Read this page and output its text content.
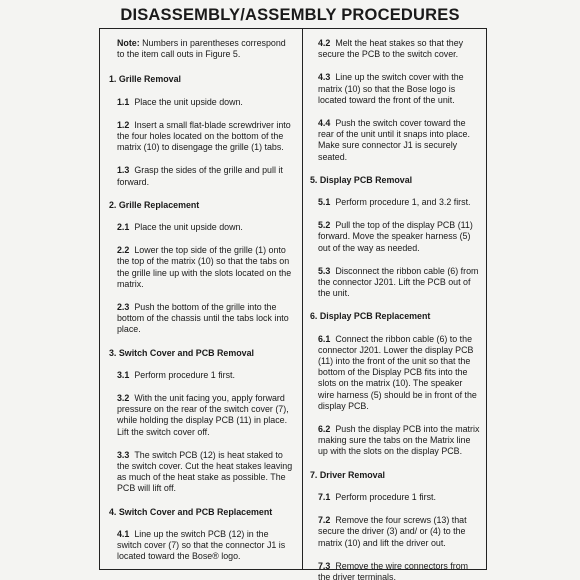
DISASSEMBLY/ASSEMBLY PROCEDURES
Note: Numbers in parentheses correspond to the item call outs in Figure 5.
1. Grille Removal
1.1 Place the unit upside down.
1.2 Insert a small flat-blade screwdriver into the four holes located on the bottom of the matrix (10) to disengage the grille (1) tabs.
1.3 Grasp the sides of the grille and pull it forward.
2. Grille Replacement
2.1 Place the unit upside down.
2.2 Lower the top side of the grille (1) onto the top of the matrix (10) so that the tabs on the grille line up with the slots located on the matrix.
2.3 Push the bottom of the grille into the bottom of the chassis until the tabs lock into place.
3. Switch Cover and PCB Removal
3.1 Perform procedure 1 first.
3.2 With the unit facing you, apply forward pressure on the rear of the switch cover (7), while holding the display PCB (11) in place. Lift the switch cover off.
3.3 The switch PCB (12) is heat staked to the switch cover. Cut the heat stakes leaving as much of the heat stake as possible. The PCB will lift off.
4. Switch Cover and PCB Replacement
4.1 Line up the switch PCB (12) in the switch cover (7) so that the connector J1 is located toward the Bose® logo.
4.2 Melt the heat stakes so that they secure the PCB to the switch cover.
4.3 Line up the switch cover with the matrix (10) so that the Bose logo is located toward the front of the unit.
4.4 Push the switch cover toward the rear of the unit until it snaps into place. Make sure connector J1 is securely seated.
5. Display PCB Removal
5.1 Perform procedure 1, and 3.2 first.
5.2 Pull the top of the display PCB (11) forward. Move the speaker harness (5) out of the way as needed.
5.3 Disconnect the ribbon cable (6) from the connector J201. Lift the PCB out of the unit.
6. Display PCB Replacement
6.1 Connect the ribbon cable (6) to the connector J201. Lower the display PCB (11) into the front of the unit so that the bottom of the Display PCB fits into the slots on the matrix (10). The speaker wire harness (5) should be in front of the display PCB.
6.2 Push the display PCB into the matrix making sure the tabs on the Matrix line up with the slots on the display PCB.
7. Driver Removal
7.1 Perform procedure 1 first.
7.2 Remove the four screws (13) that secure the driver (3) and/ or (4) to the matrix (10) and lift the driver out.
7.3 Remove the wire connectors from the driver terminals.
